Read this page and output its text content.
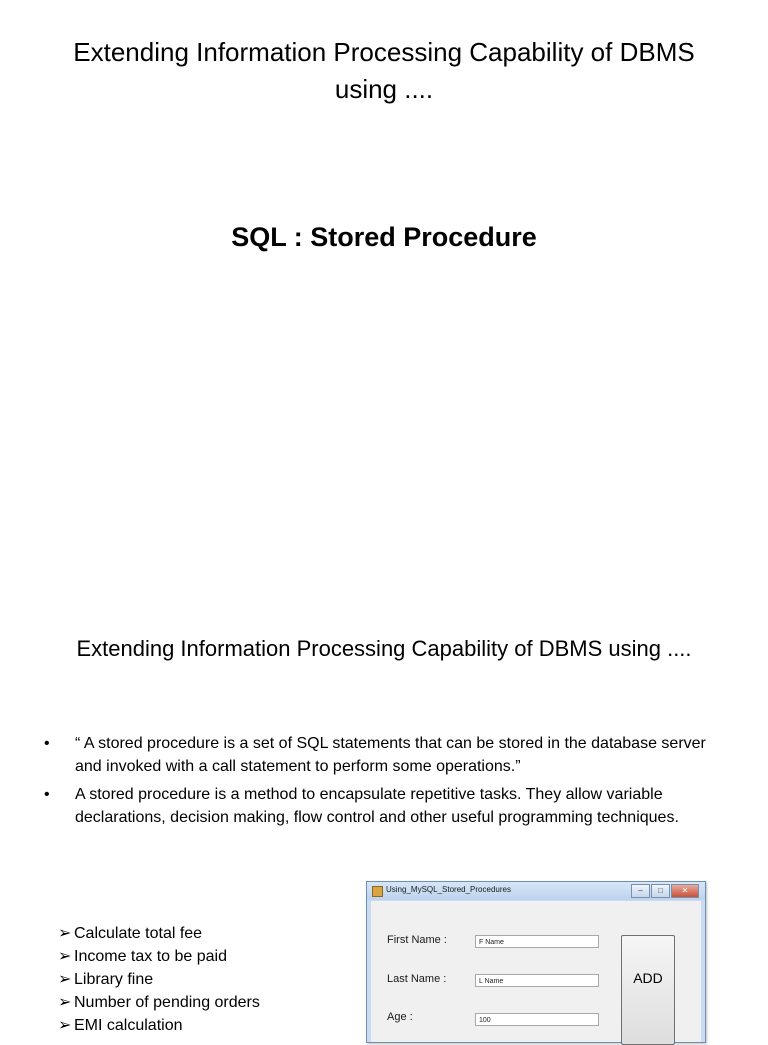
Extending Information Processing Capability of DBMS using ....
SQL : Stored Procedure
Extending Information Processing Capability of DBMS using ....
• “ A stored procedure is a set of SQL statements that can be stored in the database server and invoked with a call statement to perform some operations.”
• A stored procedure is a method to encapsulate repetitive tasks. They allow variable declarations, decision making, flow control and other useful programming techniques.
➢ Calculate total fee
➢ Income tax to be paid
➢ Library fine
➢ Number of pending orders
➢ EMI calculation
Using_MySQL_Stored_Procedures	–	□	✕
First Name :	F Name
Last Name :	L Name
Age :	100
ADD
